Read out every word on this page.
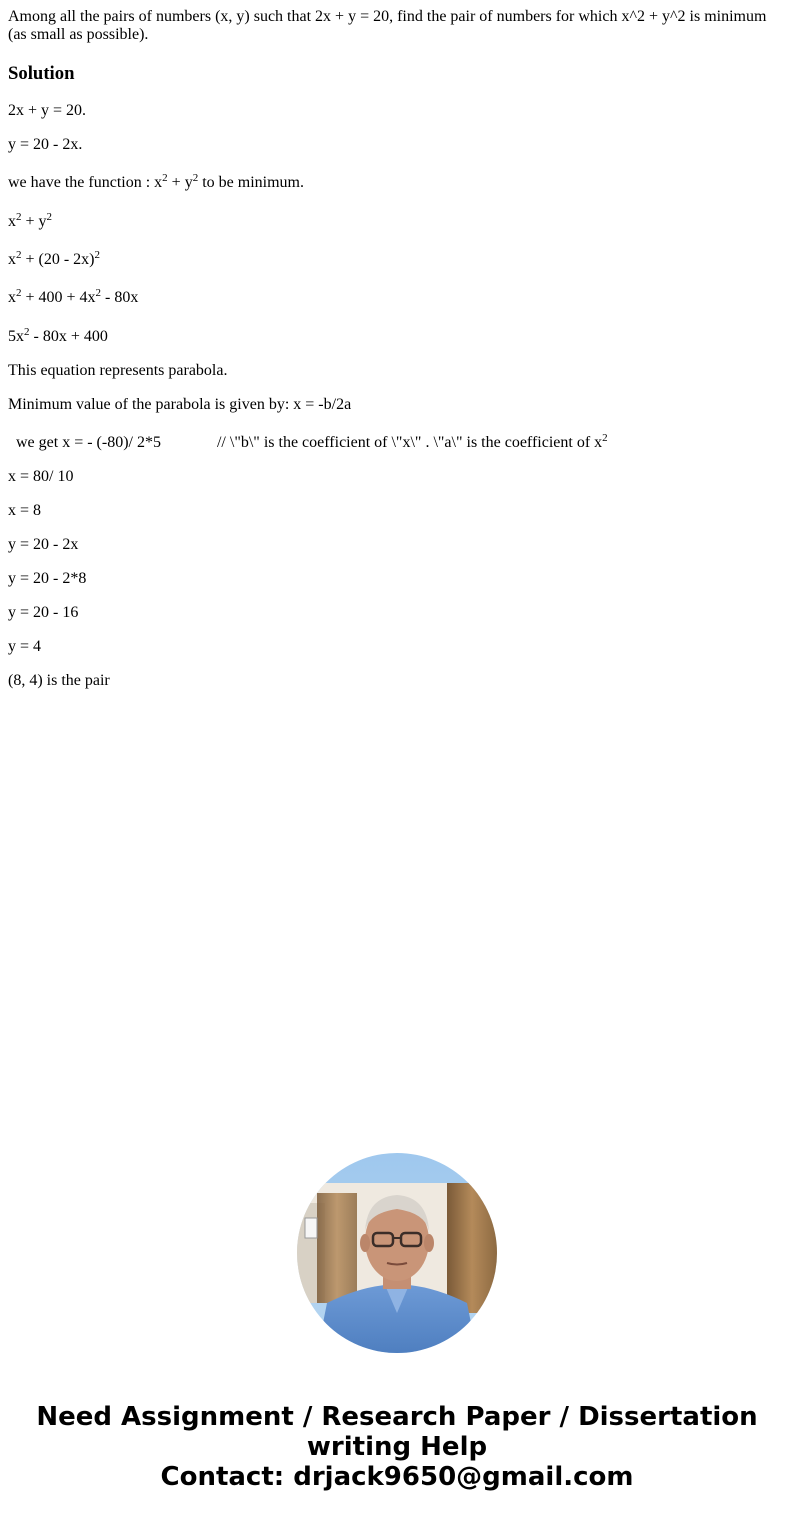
Among all the pairs of numbers (x, y) such that 2x + y = 20, find the pair of numbers for which x^2 + y^2 is minimum (as small as possible).

Solution

2x + y = 20.

y = 20 - 2x.

we have the function : $x^2 + y^2$ to be minimum.

$x^2 + y^2$

$x^2 + (20 - 2x)^2$

$x^2 + 400 + 4x^2 - 80x$

$5x^2 - 80x + 400$

This equation represents parabola.

Minimum value of the parabola is given by: x = -b/2a

we get x = - (-80)/ 2*5              // \"b\" is the coefficient of \"x\" . \"a\" is the coefficient of $x^2$

x = 80/ 10

x = 8

y = 20 - 2x

y = 20 - 2*8

y = 20 - 16

y = 4

(8, 4) is the pair

Need Assignment / Research Paper / Dissertation
writing Help
Contact: drjack9650@gmail.com
